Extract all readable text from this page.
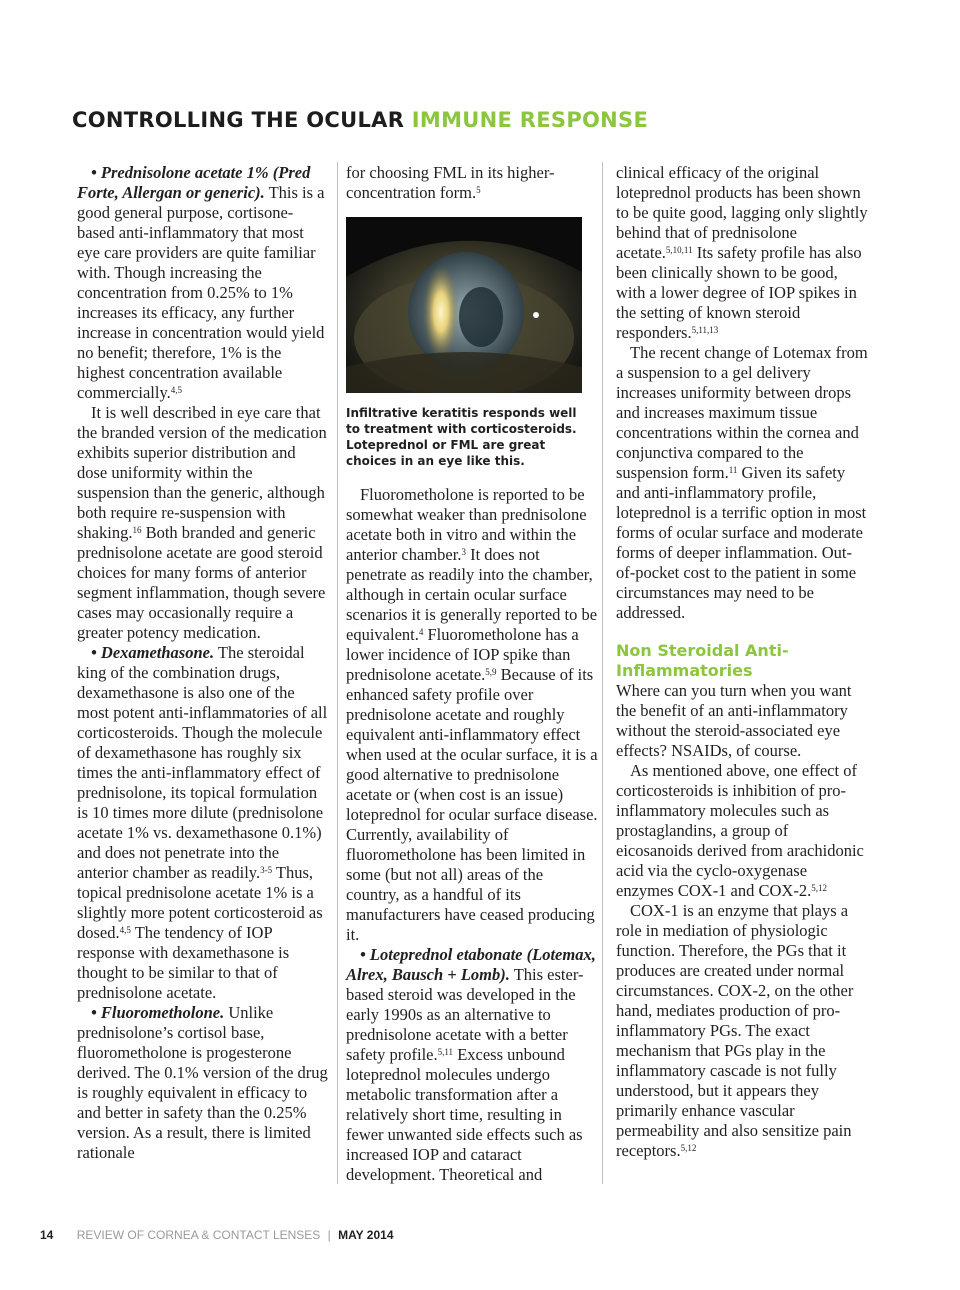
CONTROLLING THE OCULAR IMMUNE RESPONSE

• Prednisolone acetate 1% (Pred Forte, Allergan or generic). This is a good general purpose, cortisone-based anti-inflammatory that most eye care providers are quite familiar with. Though increasing the concentration from 0.25% to 1% increases its efficacy, any further increase in concentration would yield no benefit; therefore, 1% is the highest concentration available commercially.$^{4,5}$

It is well described in eye care that the branded version of the medication exhibits superior distribution and dose uniformity within the suspension than the generic, although both require re-suspension with shaking.$^{16}$ Both branded and generic prednisolone acetate are good steroid choices for many forms of anterior segment inflammation, though severe cases may occasionally require a greater potency medication.

• Dexamethasone. The steroidal king of the combination drugs, dexamethasone is also one of the most potent anti-inflammatories of all corticosteroids. Though the molecule of dexamethasone has roughly six times the anti-inflammatory effect of prednisolone, its topical formulation is 10 times more dilute (prednisolone acetate 1% vs. dexamethasone 0.1%) and does not penetrate into the anterior chamber as readily.$^{3-5}$ Thus, topical prednisolone acetate 1% is a slightly more potent corticosteroid as dosed.$^{4,5}$ The tendency of IOP response with dexamethasone is thought to be similar to that of prednisolone acetate.

• Fluorometholone. Unlike prednisolone’s cortisol base, fluorometholone is progesterone derived. The 0.1% version of the drug is roughly equivalent in efficacy to and better in safety than the 0.25% version. As a result, there is limited rationale

for choosing FML in its higher-concentration form.$^5$

Infiltrative keratitis responds well to treatment with corticosteroids. Loteprednol or FML are great choices in an eye like this.

Fluorometholone is reported to be somewhat weaker than prednisolone acetate both in vitro and within the anterior chamber.$^3$ It does not penetrate as readily into the chamber, although in certain ocular surface scenarios it is generally reported to be equivalent.$^4$ Fluorometholone has a lower incidence of IOP spike than prednisolone acetate.$^{5,9}$ Because of its enhanced safety profile over prednisolone acetate and roughly equivalent anti-inflammatory effect when used at the ocular surface, it is a good alternative to prednisolone acetate or (when cost is an issue) loteprednol for ocular surface disease. Currently, availability of fluorometholone has been limited in some (but not all) areas of the country, as a handful of its manufacturers have ceased producing it.

• Loteprednol etabonate (Lotemax, Alrex, Bausch + Lomb). This ester-based steroid was developed in the early 1990s as an alternative to prednisolone acetate with a better safety profile.$^{5,11}$ Excess unbound loteprednol molecules undergo metabolic transformation after a relatively short time, resulting in fewer unwanted side effects such as increased IOP and cataract development. Theoretical and

clinical efficacy of the original loteprednol products has been shown to be quite good, lagging only slightly behind that of prednisolone acetate.$^{5,10,11}$ Its safety profile has also been clinically shown to be good, with a lower degree of IOP spikes in the setting of known steroid responders.$^{5,11,13}$

The recent change of Lotemax from a suspension to a gel delivery increases uniformity between drops and increases maximum tissue concentrations within the cornea and conjunctiva compared to the suspension form.$^{11}$ Given its safety and anti-inflammatory profile, loteprednol is a terrific option in most forms of ocular surface and moderate forms of deeper inflammation. Out-of-pocket cost to the patient in some circumstances may need to be addressed.

Non Steroidal Anti-Inflammatories

Where can you turn when you want the benefit of an anti-inflammatory without the steroid-associated eye effects? NSAIDs, of course.

As mentioned above, one effect of corticosteroids is inhibition of pro-inflammatory molecules such as prostaglandins, a group of eicosanoids derived from arachidonic acid via the cyclo-oxygenase enzymes COX-1 and COX-2.$^{5,12}$

COX-1 is an enzyme that plays a role in mediation of physiologic function. Therefore, the PGs that it produces are created under normal circumstances. COX-2, on the other hand, mediates production of pro-inflammatory PGs. The exact mechanism that PGs play in the inflammatory cascade is not fully understood, but it appears they primarily enhance vascular permeability and also sensitize pain receptors.$^{5,12}$

14 REVIEW OF CORNEA & CONTACT LENSES | MAY 2014
